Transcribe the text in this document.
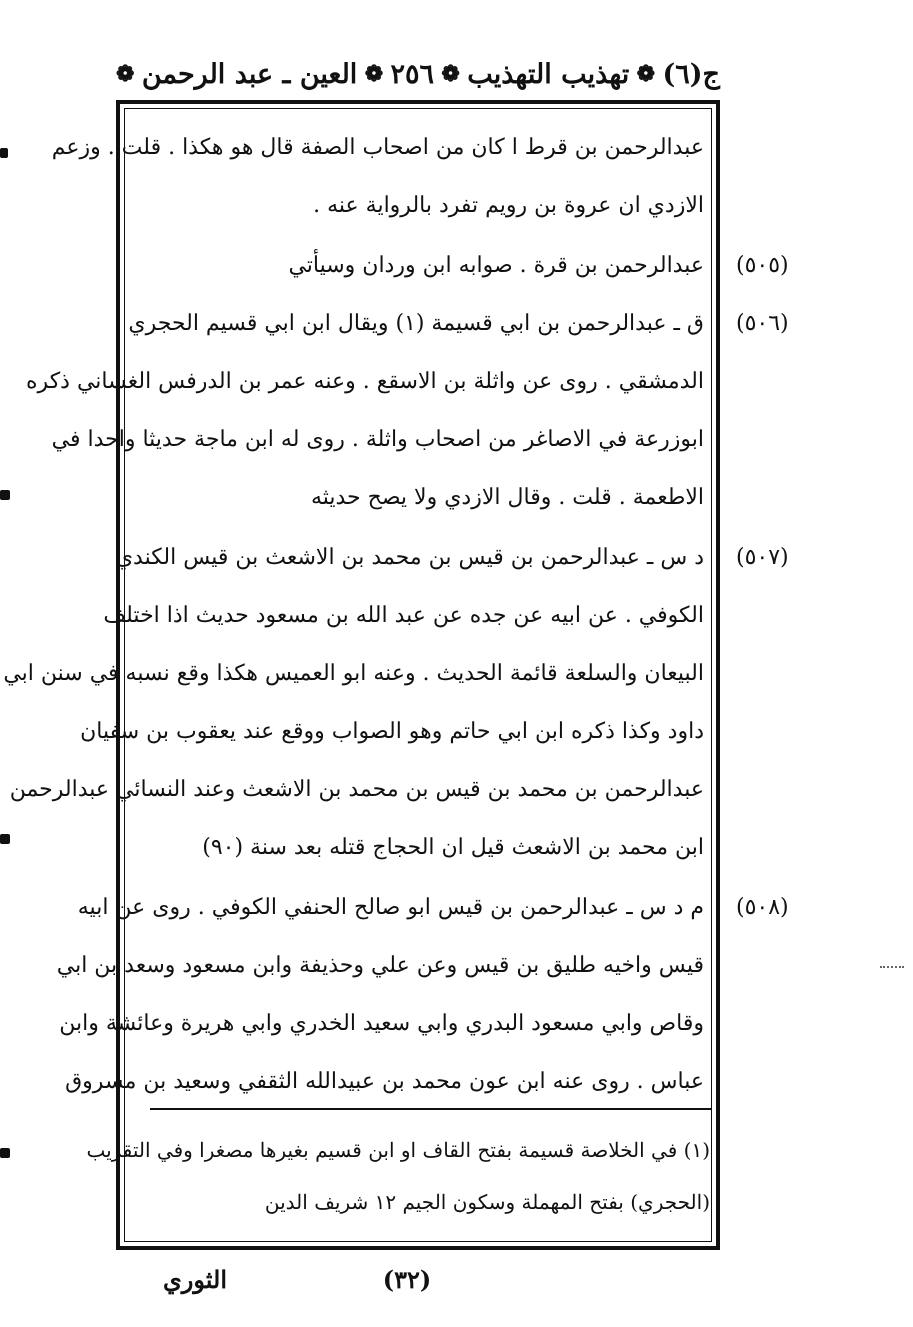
ج(٦)
❁
تهذيب التهذيب
❁
٢٥٦
❁
العين ـ عبد الرحمن
❁
عبدالرحمن بن قرط ا كان من اصحاب الصفة قال هو هكذا . قلت . وزعم
الازدي ان عروة بن رويم تفرد بالرواية عنه .
عبدالرحمن بن قرة . صوابه ابن وردان وسيأتي
ق ـ عبدالرحمن بن ابي قسيمة (١) ويقال ابن ابي قسيم الحجري
الدمشقي . روى عن واثلة بن الاسقع . وعنه عمر بن الدرفس الغساني ذكره
ابوزرعة في الاصاغر من اصحاب واثلة . روى له ابن ماجة حديثا واحدا في
الاطعمة . قلت . وقال الازدي ولا يصح حديثه
د س ـ عبدالرحمن بن قيس بن محمد بن الاشعث بن قيس الكندي
الكوفي . عن ابيه عن جده عن عبد الله بن مسعود حديث اذا اختلف
البيعان والسلعة قائمة الحديث . وعنه ابو العميس هكذا وقع نسبه في سنن ابي
داود وكذا ذكره ابن ابي حاتم وهو الصواب ووقع عند يعقوب بن سفيان
عبدالرحمن بن محمد بن قيس بن محمد بن الاشعث وعند النسائي عبدالرحمن
ابن محمد بن الاشعث قيل ان الحجاج قتله بعد سنة (٩٠)
م د س ـ عبدالرحمن بن قيس ابو صالح الحنفي الكوفي . روى عن ابيه
قيس واخيه طليق بن قيس وعن علي وحذيفة وابن مسعود وسعد بن ابي
وقاص وابي مسعود البدري وابي سعيد الخدري وابي هريرة وعائشة وابن
عباس . روى عنه ابن عون محمد بن عبيدالله الثقفي وسعيد بن مسروق
(٥٠٥)
(٥٠٦)
(٥٠٧)
(٥٠٨)
(١) في الخلاصة قسيمة بفتح القاف او ابن قسيم بغيرها مصغرا وفي التقريب
(الحجري) بفتح المهملة وسكون الجيم ١٢ شريف الدين
(٣٢)
الثوري
